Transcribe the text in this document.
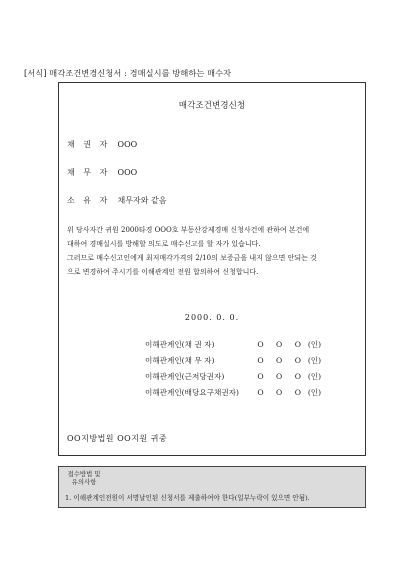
[서식] 매각조건변경신청서 : 경매실시를 방해하는 매수자
매각조건변경신청
채 권 자 OOO
채 무 자 OOO
소 유 자 채무자와 같음

위 당사자간 귀원 2000타경 OOO호 부동산강제경매 신청사건에 관하여 본건에

대하여 경매실시를 방해할 의도로 매수신고를 할 자가 있습니다.

그러므로 매수신고인에게 최저매각가격의 2/10의 보증금을 내지 않으면 안되는 것

으로 변경하여 주시기를 이해관계인 전원 합의하여 신청합니다.

2000. 0. 0.
이해관계인(채 권 자)	O O O (인)
이해관계인(채 무 자)	O O O (인)
이해관계인(근저당권자)	O O O (인)
이해관계인(배당요구채권자) O O O (인)
OO지방법원 OO지원 귀중
접수방법 및
유의사항
1. 이해관계인전원이 서명날인된 신청서를 제출하여야 한다(일부누락이 있으면 안됨).
